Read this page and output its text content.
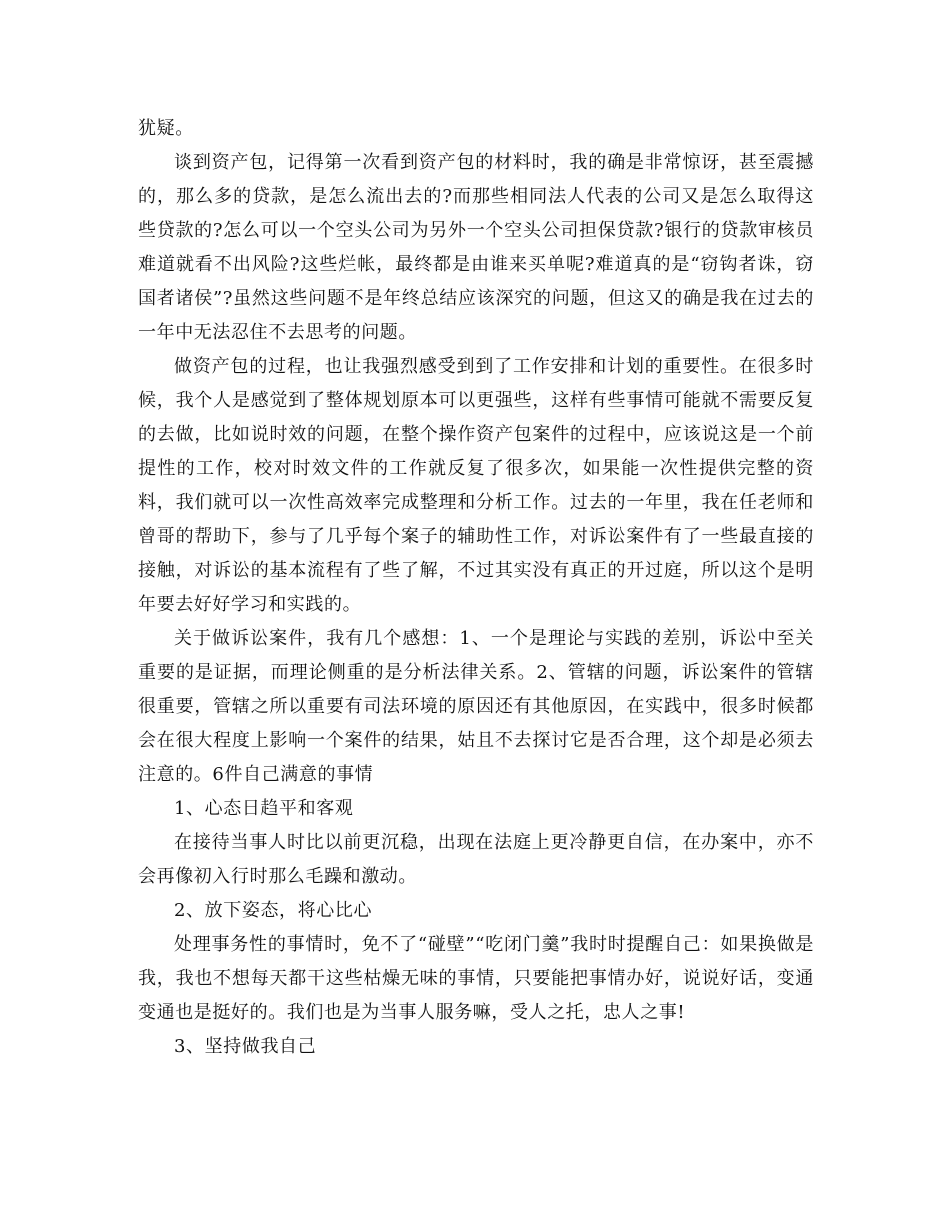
犹疑。

谈到资产包，记得第一次看到资产包的材料时，我的确是非常惊讶，甚至震撼的，那么多的贷款，是怎么流出去的?而那些相同法人代表的公司又是怎么取得这些贷款的?怎么可以一个空头公司为另外一个空头公司担保贷款?银行的贷款审核员难道就看不出风险?这些烂帐，最终都是由谁来买单呢?难道真的是“窃钩者诛，窃国者诸侯”?虽然这些问题不是年终总结应该深究的问题，但这又的确是我在过去的一年中无法忍住不去思考的问题。

做资产包的过程，也让我强烈感受到到了工作安排和计划的重要性。在很多时候，我个人是感觉到了整体规划原本可以更强些，这样有些事情可能就不需要反复的去做，比如说时效的问题，在整个操作资产包案件的过程中，应该说这是一个前提性的工作，校对时效文件的工作就反复了很多次，如果能一次性提供完整的资料，我们就可以一次性高效率完成整理和分析工作。过去的一年里，我在任老师和曾哥的帮助下，参与了几乎每个案子的辅助性工作，对诉讼案件有了一些最直接的接触，对诉讼的基本流程有了些了解，不过其实没有真正的开过庭，所以这个是明年要去好好学习和实践的。

关于做诉讼案件，我有几个感想：1、一个是理论与实践的差别，诉讼中至关重要的是证据，而理论侧重的是分析法律关系。2、管辖的问题，诉讼案件的管辖很重要，管辖之所以重要有司法环境的原因还有其他原因，在实践中，很多时候都会在很大程度上影响一个案件的结果，姑且不去探讨它是否合理，这个却是必须去注意的。6件自己满意的事情

1、心态日趋平和客观

在接待当事人时比以前更沉稳，出现在法庭上更冷静更自信，在办案中，亦不会再像初入行时那么毛躁和激动。

2、放下姿态，将心比心

处理事务性的事情时，免不了“碰壁”“吃闭门羹”我时时提醒自己：如果换做是我，我也不想每天都干这些枯燥无味的事情，只要能把事情办好，说说好话，变通变通也是挺好的。我们也是为当事人服务嘛，受人之托，忠人之事!

3、坚持做我自己
